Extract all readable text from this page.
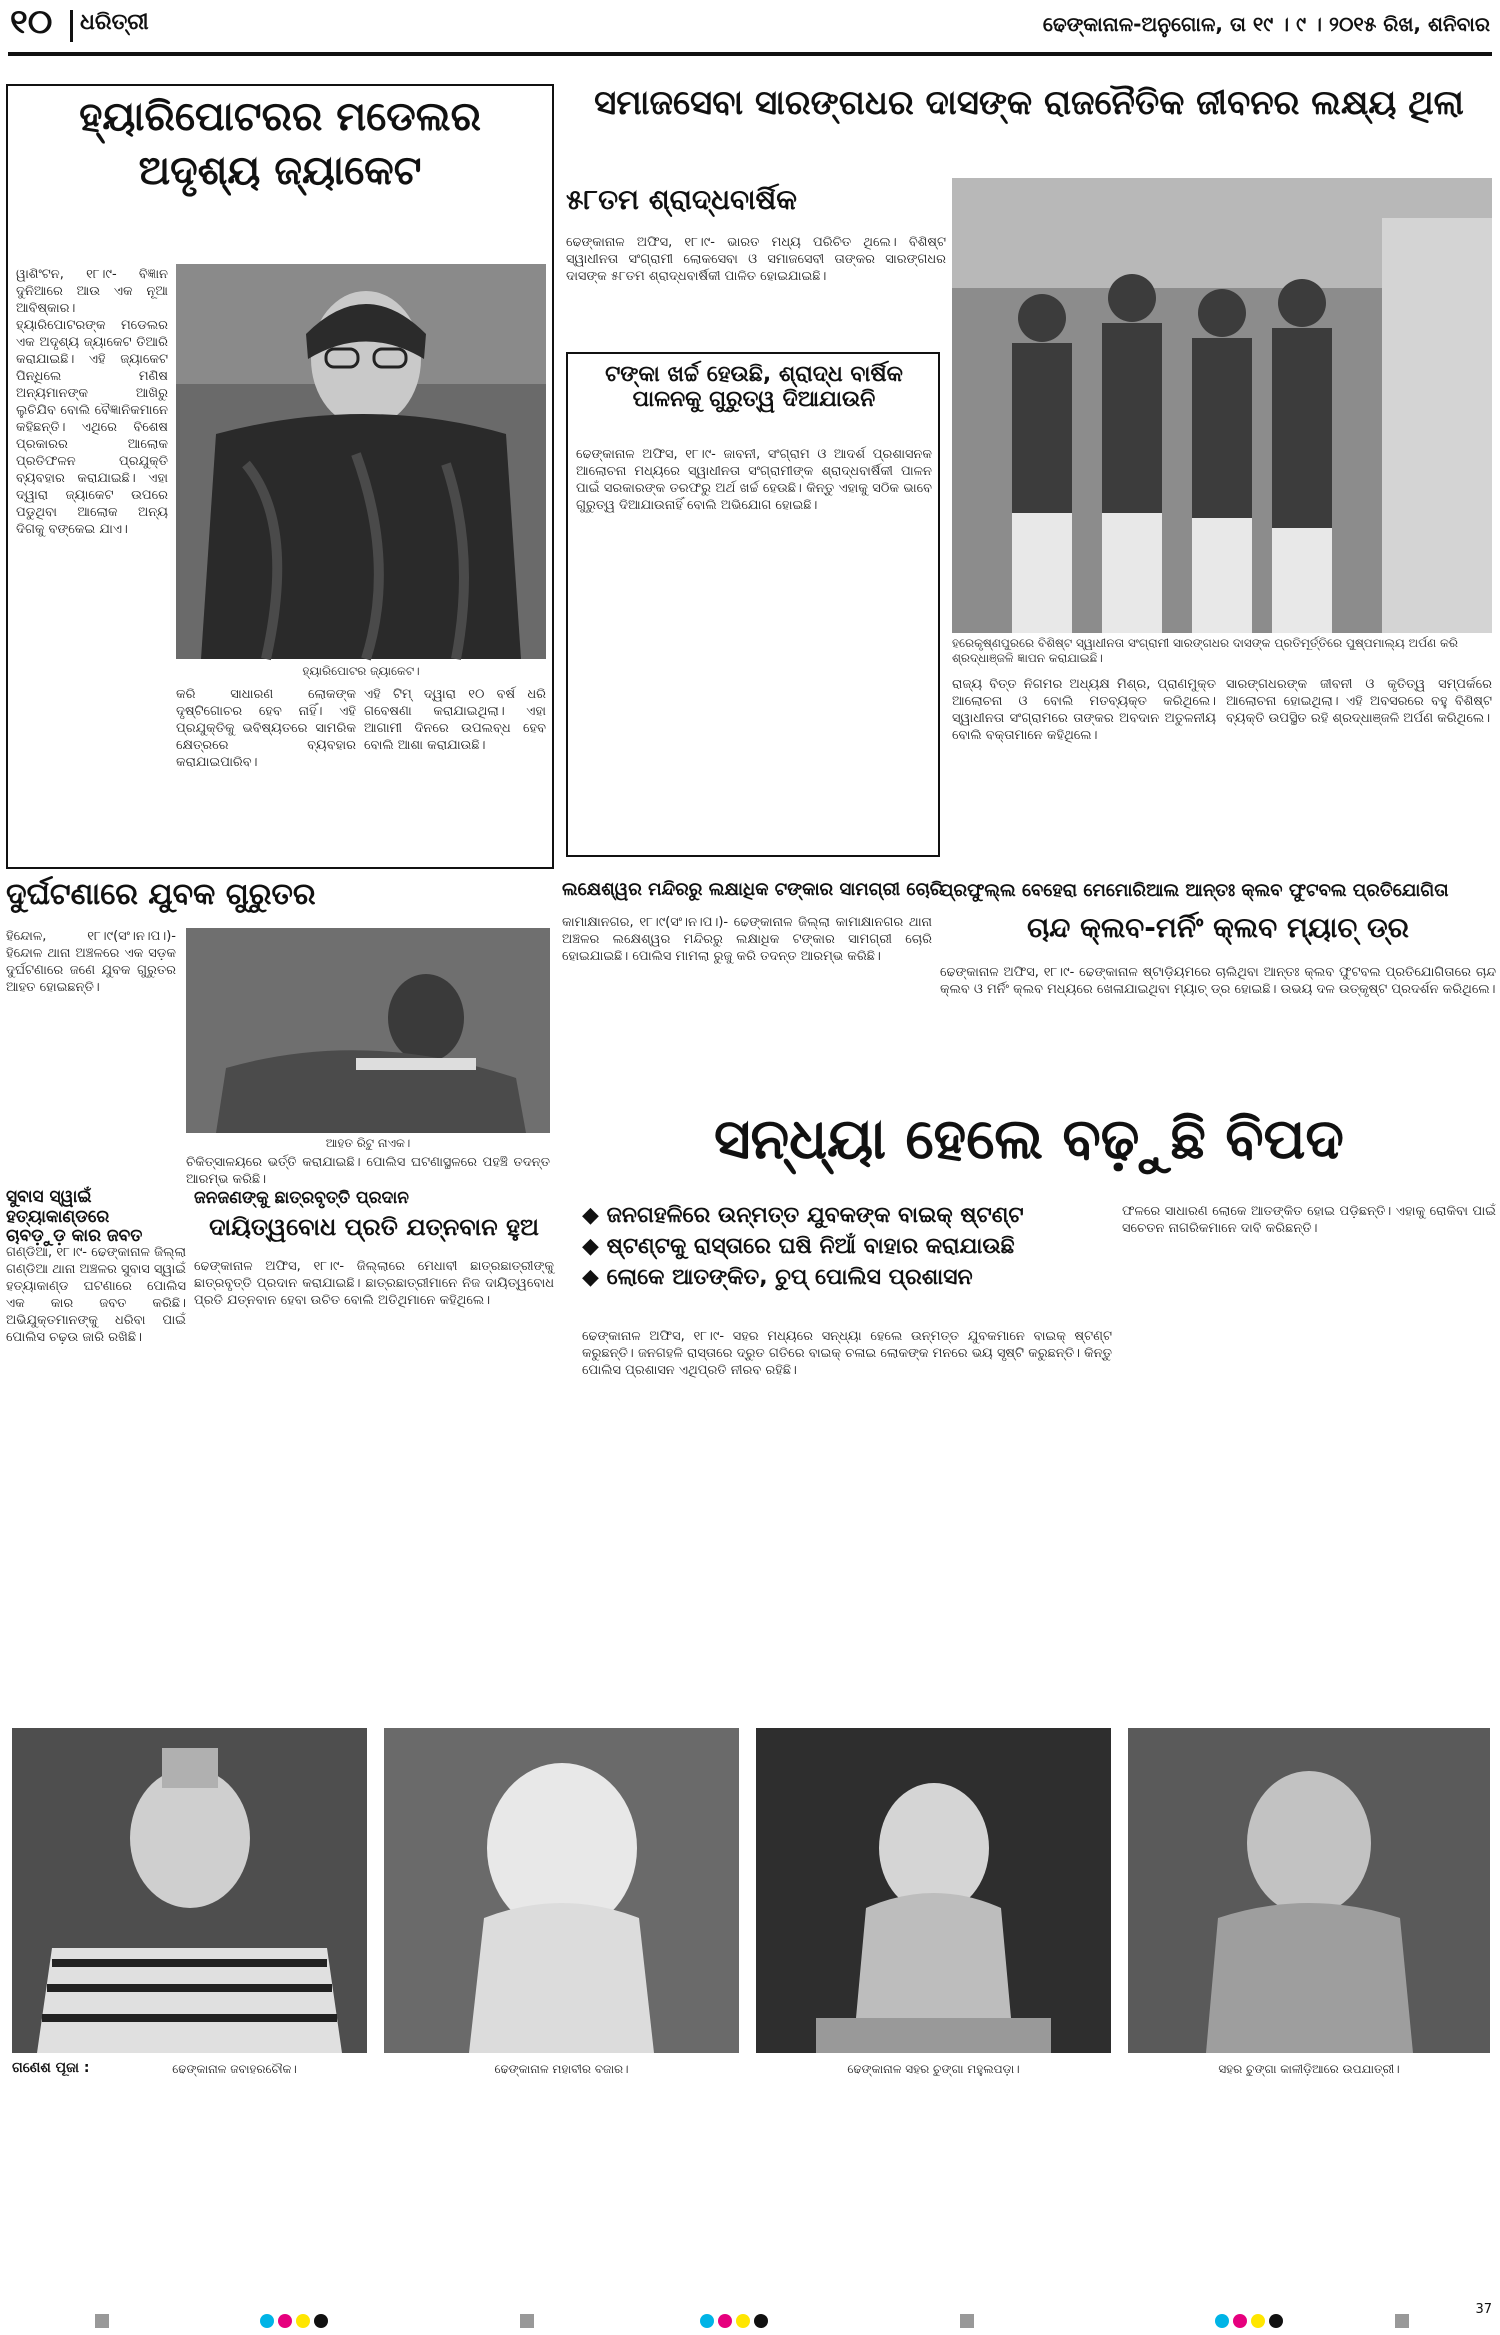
୧୦ ଧରିତ୍ରୀ	ଢେଙ୍କାନାଳ-ଅନୁଗୋଳ, ତା ୧୯ । ୯ । ୨୦୧୫ ରିଖ, ଶନିବାର
ହ୍ୟାରିପୋଟରର ମଡେଲର
ଅଦୃଶ୍ୟ ଜ୍ୟାକେଟ
ୱାଶିଂଟନ, ୧୮।୯- ବିଜ୍ଞାନ ଦୁନିଆରେ ଆଉ ଏକ ନୂଆ ଆବିଷ୍କାର। ହ୍ୟାରିପୋଟରଙ୍କ ମଡେଲର ଏକ ଅଦୃଶ୍ୟ ଜ୍ୟାକେଟ ତିଆରି କରାଯାଇଛି। ଏହି ଜ୍ୟାକେଟ ପିନ୍ଧିଲେ ମଣିଷ ଅନ୍ୟମାନଙ୍କ ଆଖିରୁ ଲୁଚିଯିବ ବୋଲି ବୈଜ୍ଞାନିକମାନେ କହିଛନ୍ତି। ଏଥିରେ ବିଶେଷ ପ୍ରକାରର ଆଲୋକ ପ୍ରତିଫଳନ ପ୍ରଯୁକ୍ତି ବ୍ୟବହାର କରାଯାଇଛି। ଏହା ଦ୍ୱାରା ଜ୍ୟାକେଟ ଉପରେ ପଡୁଥିବା ଆଲୋକ ଅନ୍ୟ ଦିଗକୁ ବଙ୍କେଇ ଯାଏ।
ହ୍ୟାରିପୋଟର ଜ୍ୟାକେଟ।
କରି ସାଧାରଣ ଲୋକଙ୍କ ଦୃଷ୍ଟିଗୋଚର ହେବ ନାହିଁ। ଏହି ପ୍ରଯୁକ୍ତିକୁ ଭବିଷ୍ୟତରେ ସାମରିକ କ୍ଷେତ୍ରରେ ବ୍ୟବହାର କରାଯାଇପାରିବ।
ଏହି ଟିମ୍ ଦ୍ୱାରା ୧୦ ବର୍ଷ ଧରି ଗବେଷଣା କରାଯାଇଥିଲା। ଏହା ଆଗାମୀ ଦିନରେ ଉପଲବ୍ଧ ହେବ ବୋଲି ଆଶା କରାଯାଉଛି।
ସମାଜସେବା ସାରଙ୍ଗଧର ଦାସଙ୍କ ରାଜନୈତିକ ଜୀବନର ଲକ୍ଷ୍ୟ ଥିଲା
୫୮ତମ ଶ୍ରାଦ୍ଧବାର୍ଷିକ
ଢେଙ୍କାନାଳ ଅଫିସ, ୧୮।୯- ଭାରତ ମଧ୍ୟ ପରିଚିତ ଥିଲେ। ବିଶିଷ୍ଟ ସ୍ୱାଧୀନତା ସଂଗ୍ରାମୀ ଲୋକସେବା ଓ ସମାଜସେବୀ ତାଙ୍କର ସାରଙ୍ଗଧର ଦାସଙ୍କ ୫୮ତମ ଶ୍ରାଦ୍ଧବାର୍ଷିକୀ ପାଳିତ ହୋଇଯାଇଛି।
ଟଙ୍କା ଖର୍ଚ୍ଚ ହେଉଛି, ଶ୍ରାଦ୍ଧ ବାର୍ଷିକ ପାଳନକୁ ଗୁରୁତ୍ୱ ଦିଆଯାଉନି
ଢେଙ୍କାନାଳ ଅଫିସ, ୧୮।୯- ଜାବନୀ, ସଂଗ୍ରାମ ଓ ଆଦର୍ଶ ପ୍ରଶାସନକ ଆଲୋଚନା ମଧ୍ୟରେ ସ୍ୱାଧୀନତା ସଂଗ୍ରାମୀଙ୍କ ଶ୍ରାଦ୍ଧବାର୍ଷିକୀ ପାଳନ ପାଇଁ ସରକାରଙ୍କ ତରଫରୁ ଅର୍ଥ ଖର୍ଚ୍ଚ ହେଉଛି। କିନ୍ତୁ ଏହାକୁ ସଠିକ ଭାବେ ଗୁରୁତ୍ୱ ଦିଆଯାଉନାହିଁ ବୋଲି ଅଭିଯୋଗ ହୋଇଛି।
ହରେକୃଷ୍ଣପୁରରେ ବିଶିଷ୍ଟ ସ୍ୱାଧୀନତା ସଂଗ୍ରାମୀ ସାରଙ୍ଗଧର ଦାସଙ୍କ ପ୍ରତିମୂର୍ତ୍ତିରେ ପୁଷ୍ପମାଲ୍ୟ ଅର୍ପଣ କରି ଶ୍ରଦ୍ଧାଞ୍ଜଳି ଜ୍ଞାପନ କରାଯାଇଛି।
ରାଜ୍ୟ ବିତ୍ତ ନିଗମର ଅଧ୍ୟକ୍ଷ ମିଶ୍ର, ପ୍ରାଣମୁକ୍ତ ଆଲୋଚନା ଓ ବୋଲି ମତବ୍ୟକ୍ତ କରିଥିଲେ। ସ୍ୱାଧୀନତା ସଂଗ୍ରାମରେ ତାଙ୍କର ଅବଦାନ ଅତୁଳନୀୟ ବୋଲି ବକ୍ତାମାନେ କହିଥିଲେ।
ସାରଙ୍ଗଧରଙ୍କ ଜୀବନୀ ଓ କୃତିତ୍ୱ ସମ୍ପର୍କରେ ଆଲୋଚନା ହୋଇଥିଲା। ଏହି ଅବସରରେ ବହୁ ବିଶିଷ୍ଟ ବ୍ୟକ୍ତି ଉପସ୍ଥିତ ରହି ଶ୍ରଦ୍ଧାଞ୍ଜଳି ଅର୍ପଣ କରିଥିଲେ।
ଦୁର୍ଘଟଣାରେ ଯୁବକ ଗୁରୁତର
ହିନ୍ଦୋଳ, ୧୮।୯(ସଂ।ନ।ପ।)- ହିନ୍ଦୋଳ ଥାନା ଅଞ୍ଚଳରେ ଏକ ସଡ଼କ ଦୁର୍ଘଟଣାରେ ଜଣେ ଯୁବକ ଗୁରୁତର ଆହତ ହୋଇଛନ୍ତି।
ଆହତ ରିଟୁ ନାଏକ।
ଚିକିତ୍ସାଳୟରେ ଭର୍ତ୍ତି କରାଯାଇଛି। ପୋଲିସ ଘଟଣାସ୍ଥଳରେ ପହଞ୍ଚି ତଦନ୍ତ ଆରମ୍ଭ କରିଛି।
ଲକ୍ଷେଶ୍ୱର ମନ୍ଦିରରୁ ଲକ୍ଷାଧିକ ଟଙ୍କାର ସାମଗ୍ରୀ ଚୋରି
କାମାକ୍ଷାନଗର, ୧୮।୯(ସଂ।ନ।ପ।)- ଢେଙ୍କାନାଳ ଜିଲ୍ଲା କାମାକ୍ଷାନଗର ଥାନା ଅଞ୍ଚଳର ଲକ୍ଷେଶ୍ୱର ମନ୍ଦିରରୁ ଲକ୍ଷାଧିକ ଟଙ୍କାର ସାମଗ୍ରୀ ଚୋରି ହୋଇଯାଇଛି। ପୋଲିସ ମାମଲା ରୁଜୁ କରି ତଦନ୍ତ ଆରମ୍ଭ କରିଛି।
ପ୍ରଫୁଲ୍ଲ ବେହେରା ମେମୋରିଆଲ ଆନ୍ତଃ କ୍ଲବ ଫୁଟବଲ ପ୍ରତିଯୋଗିତା
ଚାନ୍ଦ କ୍ଲବ-ମର୍ନିଂ କ୍ଲବ ମ୍ୟାଚ୍ ଡ୍ର
ଢେଙ୍କାନାଳ ଅଫିସ, ୧୮।୯- ଢେଙ୍କାନାଳ ଷ୍ଟାଡ଼ିୟମରେ ଚାଲିଥିବା ଆନ୍ତଃ କ୍ଲବ ଫୁଟବଲ ପ୍ରତିଯୋଗିତାରେ ଚାନ୍ଦ କ୍ଲବ ଓ ମର୍ନିଂ କ୍ଲବ ମଧ୍ୟରେ ଖେଳାଯାଇଥିବା ମ୍ୟାଚ୍ ଡ୍ର ହୋଇଛି। ଉଭୟ ଦଳ ଉତ୍କୃଷ୍ଟ ପ୍ରଦର୍ଶନ କରିଥିଲେ।
ସନ୍ଧ୍ୟା ହେଲେ ବଢ଼ୁଛି ବିପଦ
◆ ଜନଗହଳିରେ ଉନ୍ମତ୍ତ ଯୁବକଙ୍କ ବାଇକ୍ ଷ୍ଟଣ୍ଟ
◆ ଷ୍ଟଣ୍ଟକୁ ରାସ୍ତାରେ ଘଷି ନିଆଁ ବାହାର କରାଯାଉଛି
◆ ଲୋକେ ଆତଙ୍କିତ, ଚୁପ୍ ପୋଲିସ ପ୍ରଶାସନ
ଢେଙ୍କାନାଳ ଅଫିସ, ୧୮।୯- ସହର ମଧ୍ୟରେ ସନ୍ଧ୍ୟା ହେଲେ ଉନ୍ମତ୍ତ ଯୁବକମାନେ ବାଇକ୍ ଷ୍ଟଣ୍ଟ କରୁଛନ୍ତି। ଜନଗହଳି ରାସ୍ତାରେ ଦ୍ରୁତ ଗତିରେ ବାଇକ୍ ଚଳାଇ ଲୋକଙ୍କ ମନରେ ଭୟ ସୃଷ୍ଟି କରୁଛନ୍ତି। କିନ୍ତୁ ପୋଲିସ ପ୍ରଶାସନ ଏଥିପ୍ରତି ନୀରବ ରହିଛି।
ଫଳରେ ସାଧାରଣ ଲୋକେ ଆତଙ୍କିତ ହୋଇ ପଡ଼ିଛନ୍ତି। ଏହାକୁ ରୋକିବା ପାଇଁ ସଚେତନ ନାଗରିକମାନେ ଦାବି କରିଛନ୍ତି।
ସୁବାସ ସ୍ୱାଇଁ ହତ୍ୟାକାଣ୍ଡରେ
ଚାବଡ଼ୁଡ଼ କାର ଜବତ
ଗଣ୍ଡିଆ, ୧୮।୯- ଢେଙ୍କାନାଳ ଜିଲ୍ଲା ଗଣ୍ଡିଆ ଥାନା ଅଞ୍ଚଳର ସୁବାସ ସ୍ୱାଇଁ ହତ୍ୟାକାଣ୍ଡ ଘଟଣାରେ ପୋଲିସ ଏକ କାର ଜବତ କରିଛି। ଅଭିଯୁକ୍ତମାନଙ୍କୁ ଧରିବା ପାଇଁ ପୋଲିସ ଚଢ଼ଉ ଜାରି ରଖିଛି।
ଜନଜଣଙ୍କୁ ଛାତ୍ରବୃତ୍ତି ପ୍ରଦାନ
ଦାୟିତ୍ୱବୋଧ ପ୍ରତି ଯତ୍ନବାନ ହୁଅ
ଢେଙ୍କାନାଳ ଅଫିସ, ୧୮।୯- ଜିଲ୍ଲାରେ ମେଧାବୀ ଛାତ୍ରଛାତ୍ରୀଙ୍କୁ ଛାତ୍ରବୃତ୍ତି ପ୍ରଦାନ କରାଯାଇଛି। ଛାତ୍ରଛାତ୍ରୀମାନେ ନିଜ ଦାୟିତ୍ୱବୋଧ ପ୍ରତି ଯତ୍ନବାନ ହେବା ଉଚିତ ବୋଲି ଅତିଥିମାନେ କହିଥିଲେ।
ଗଣେଶ ପୂଜା :	ଢେଙ୍କାନାଳ ଜବାହରଚୌକ।	ଢେଙ୍କାନାଳ ମହାବୀର ବଜାର।	ଢେଙ୍କାନାଳ ସହର ଚୁଙ୍ଗା ମହୁଲପଡ଼ା।	ସହର ଚୁଙ୍ଗା କାଳୀଡ଼ିଆରେ ଉପଯାତ୍ରୀ।
37
